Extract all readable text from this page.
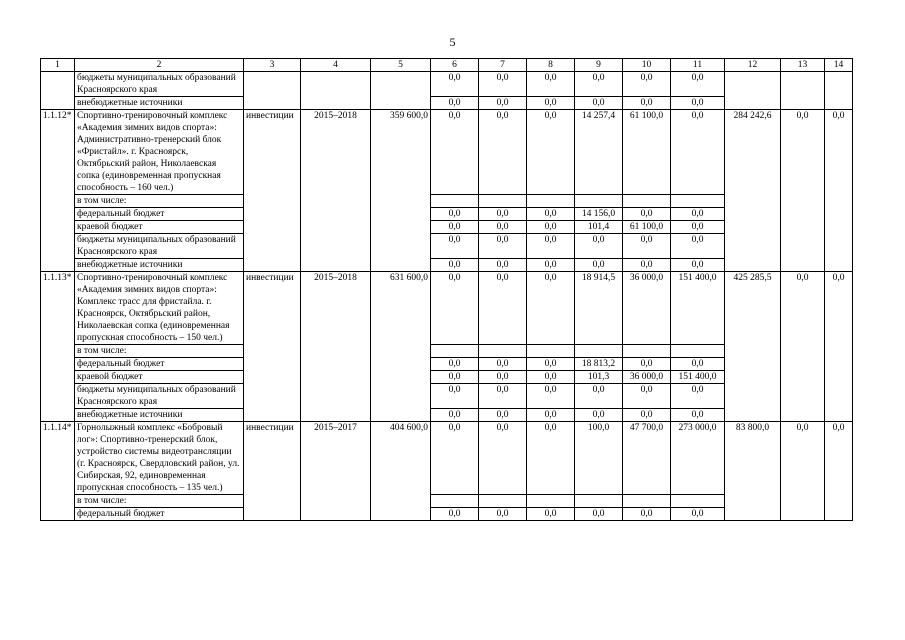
5
1	2	3	4	5	6	7	8	9	10	11	12	13	14
	бюджеты муниципальных образований Красноярского края				0,0	0,0	0,0	0,0	0,0	0,0			
	внебюджетные источники				0,0	0,0	0,0	0,0	0,0	0,0			
1.1.12*	Спортивно-тренировочный комплекс «Академия зимних видов спорта»: Административно-тренерский блок «Фристайл». г. Красноярск, Октябрьский район, Николаевская сопка (единовременная пропускная способность – 160 чел.)	инвестиции	2015–2018	359 600,0	0,0	0,0	0,0	14 257,4	61 100,0	0,0	284 242,6	0,0	0,0
	в том числе:												
	федеральный бюджет				0,0	0,0	0,0	14 156,0	0,0	0,0			
	краевой бюджет				0,0	0,0	0,0	101,4	61 100,0	0,0			
	бюджеты муниципальных образований Красноярского края				0,0	0,0	0,0	0,0	0,0	0,0			
	внебюджетные источники				0,0	0,0	0,0	0,0	0,0	0,0			
1.1.13*	Спортивно-тренировочный комплекс «Академия зимних видов спорта»: Комплекс трасс для фристайла. г. Красноярск, Октябрьский район, Николаевская сопка (единовременная пропускная способность – 150 чел.)	инвестиции	2015–2018	631 600,0	0,0	0,0	0,0	18 914,5	36 000,0	151 400,0	425 285,5	0,0	0,0
	в том числе:												
	федеральный бюджет				0,0	0,0	0,0	18 813,2	0,0	0,0			
	краевой бюджет				0,0	0,0	0,0	101,3	36 000,0	151 400,0			
	бюджеты муниципальных образований Красноярского края				0,0	0,0	0,0	0,0	0,0	0,0			
	внебюджетные источники				0,0	0,0	0,0	0,0	0,0	0,0			
1.1.14*	Горнолыжный комплекс «Бобровый лог»: Спортивно-тренерский блок, устройство системы видеотрансляции (г. Красноярск, Свердловский район, ул. Сибирская, 92, единовременная пропускная способность – 135 чел.)	инвестиции	2015–2017	404 600,0	0,0	0,0	0,0	100,0	47 700,0	273 000,0	83 800,0	0,0	0,0
	в том числе:												
	федеральный бюджет				0,0	0,0	0,0	0,0	0,0	0,0			
